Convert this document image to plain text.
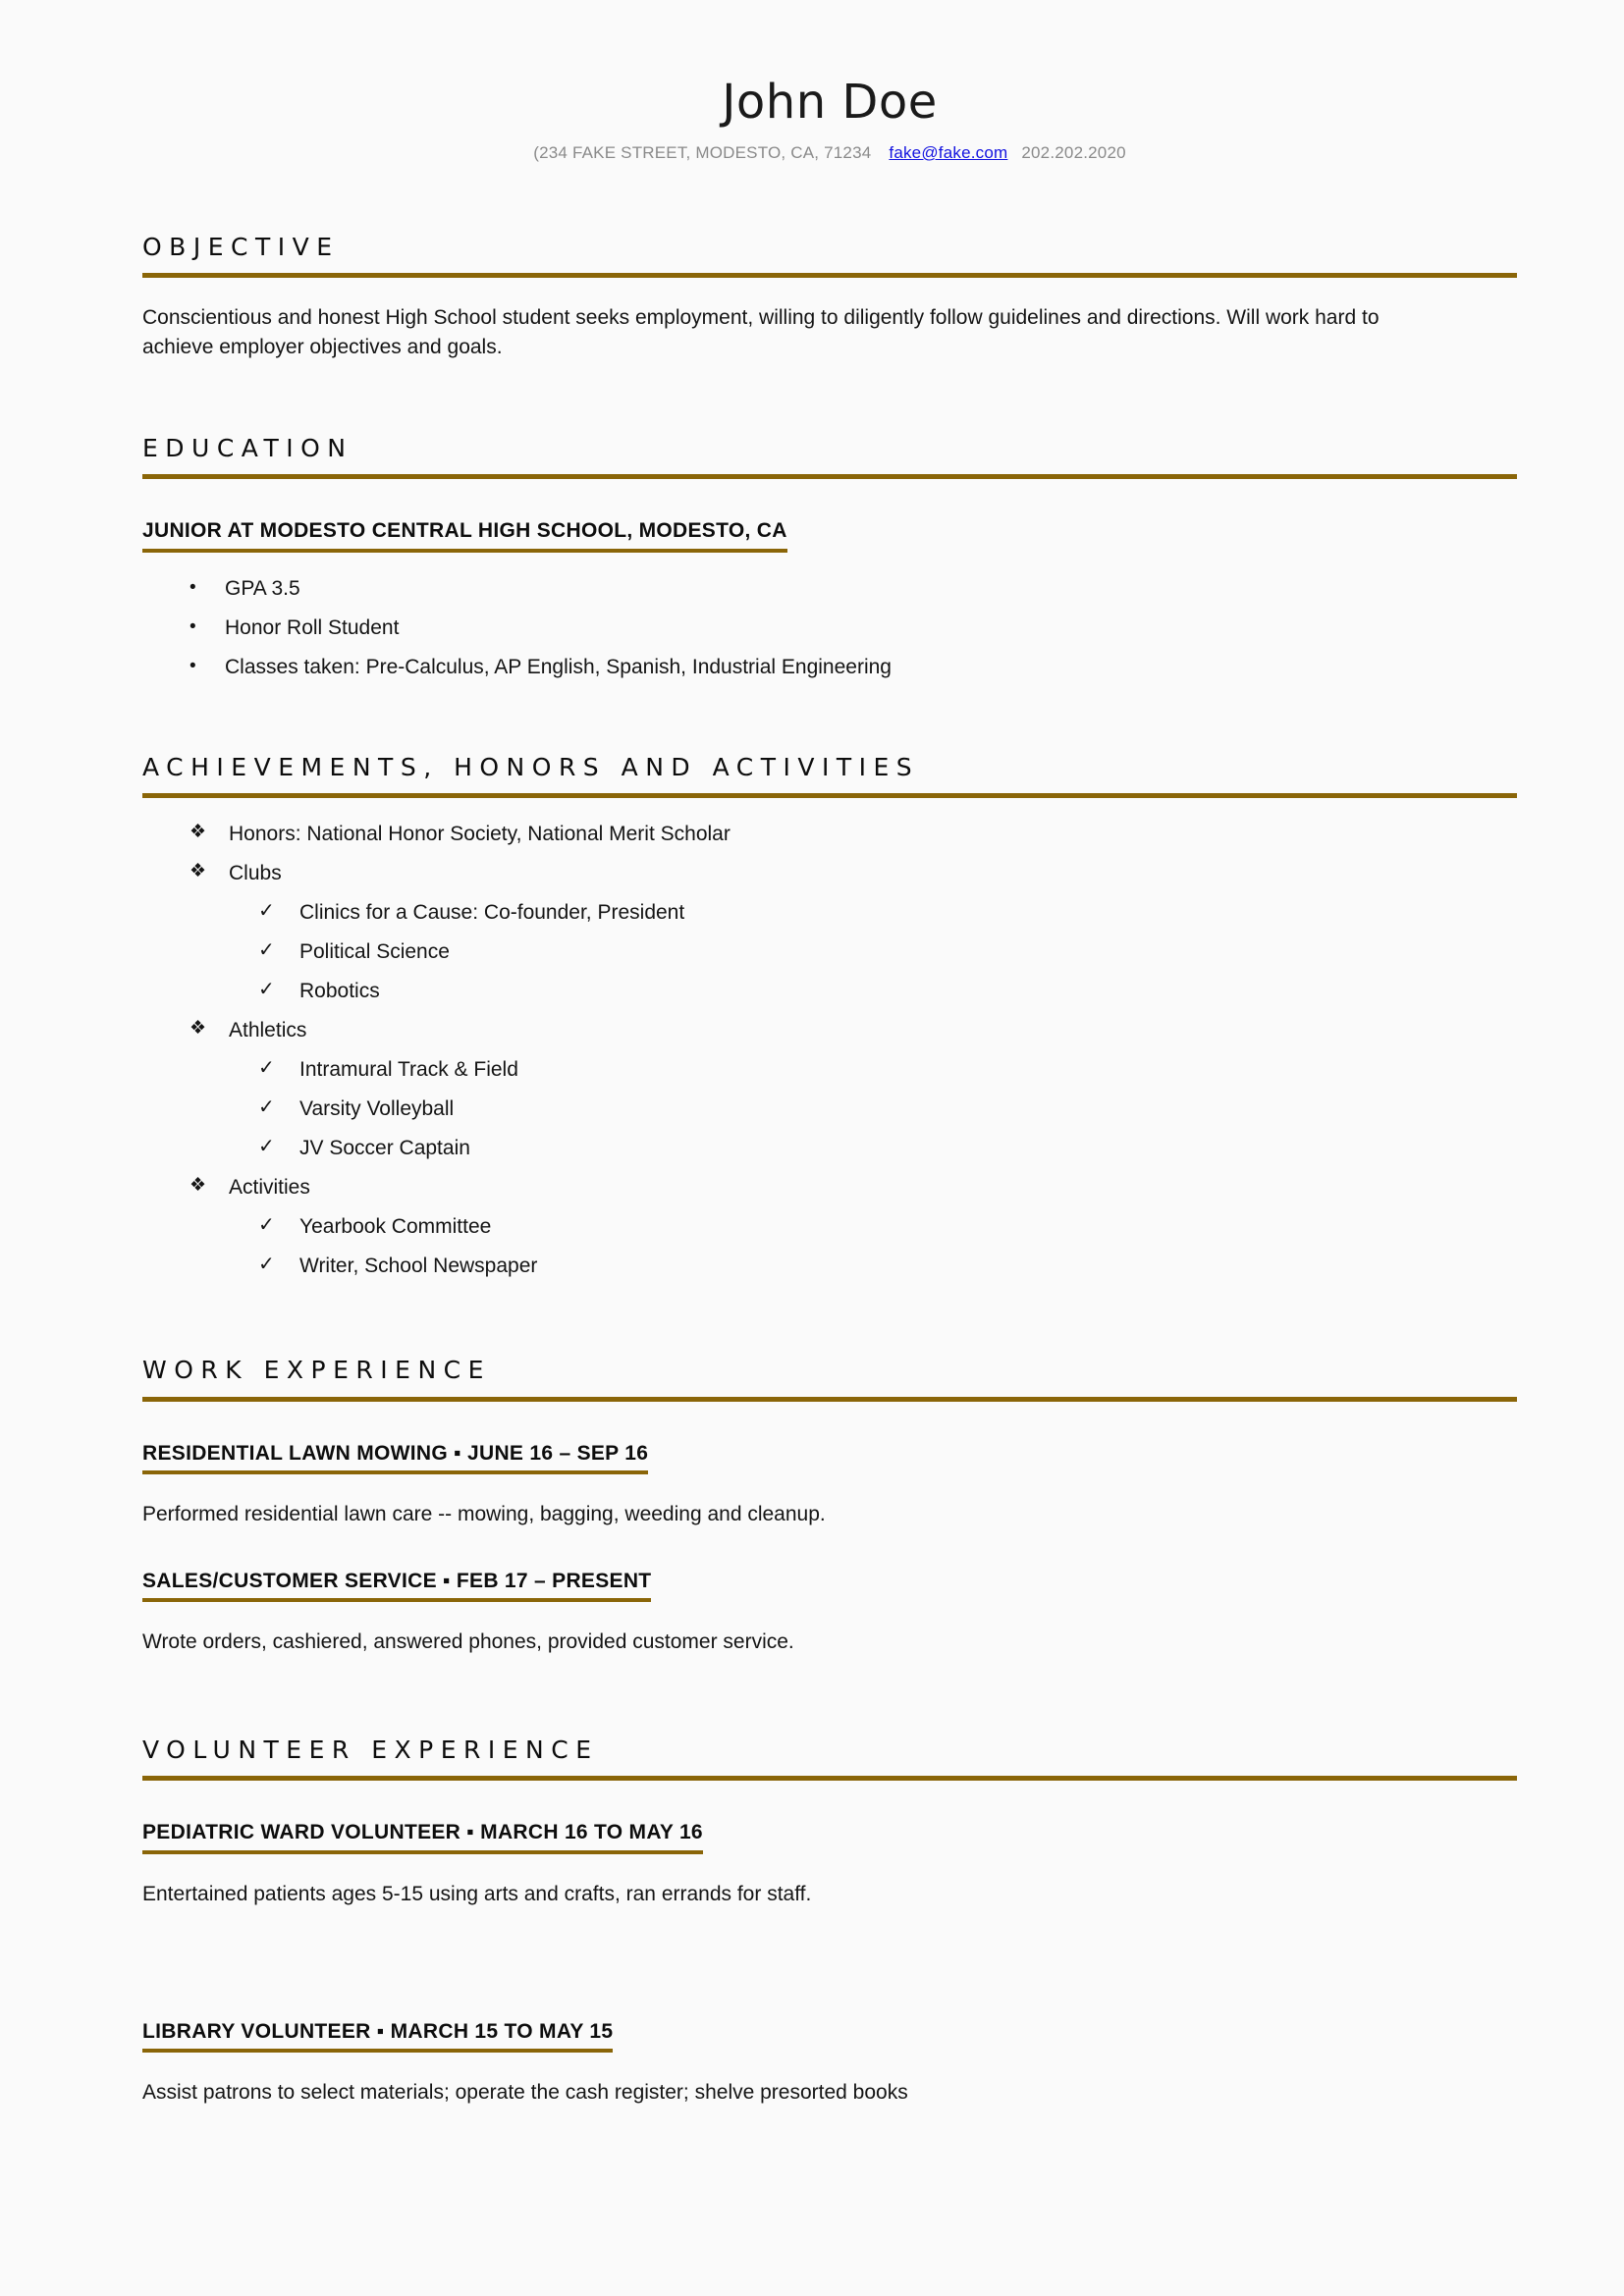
John Doe
(234 FAKE STREET, MODESTO, CA, 71234 fake@fake.com 202.202.2020
OBJECTIVE

Conscientious and honest High School student seeks employment, willing to diligently follow guidelines and directions. Will work hard to achieve employer objectives and goals.

EDUCATION
JUNIOR AT MODESTO CENTRAL HIGH SCHOOL, MODESTO, CA
• GPA 3.5
• Honor Roll Student
• Classes taken: Pre-Calculus, AP English, Spanish, Industrial Engineering
ACHIEVEMENTS, HONORS AND ACTIVITIES
❖ Honors: National Honor Society, National Merit Scholar
❖ Clubs
✓ Clinics for a Cause: Co-founder, President
✓ Political Science
✓ Robotics
❖ Athletics
✓ Intramural Track & Field
✓ Varsity Volleyball
✓ JV Soccer Captain
❖ Activities
✓ Yearbook Committee
✓ Writer, School Newspaper
WORK EXPERIENCE
RESIDENTIAL LAWN MOWING ▪ JUNE 16 – SEP 16
Performed residential lawn care -- mowing, bagging, weeding and cleanup.
SALES/CUSTOMER SERVICE ▪ FEB 17 – PRESENT
Wrote orders, cashiered, answered phones, provided customer service.
VOLUNTEER EXPERIENCE
PEDIATRIC WARD VOLUNTEER ▪ MARCH 16 TO MAY 16
Entertained patients ages 5-15 using arts and crafts, ran errands for staff.
LIBRARY VOLUNTEER ▪ MARCH 15 TO MAY 15
Assist patrons to select materials; operate the cash register; shelve presorted books
